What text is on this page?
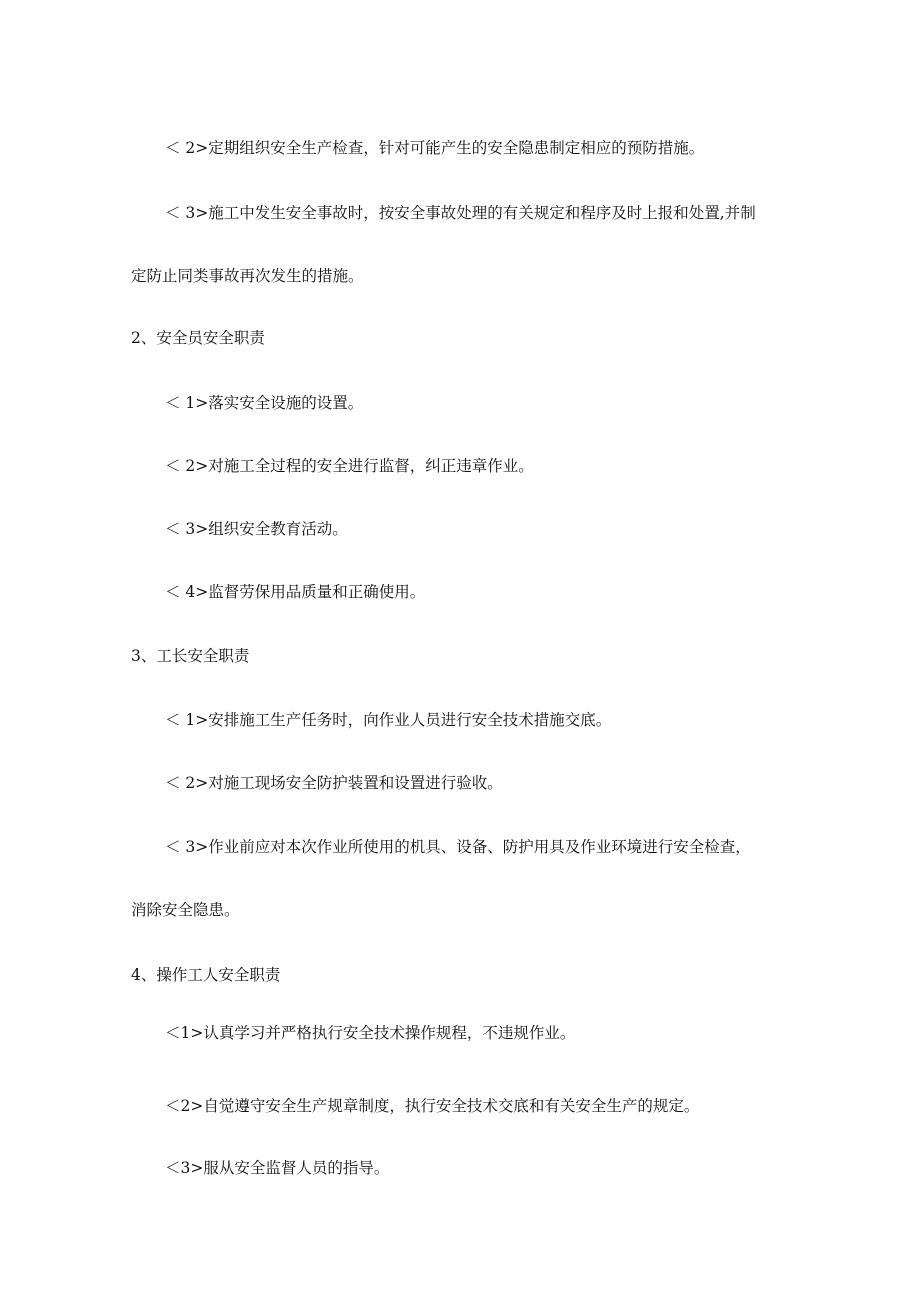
＜ 2>定期组织安全生产检查，针对可能产生的安全隐患制定相应的预防措施。
＜ 3>施工中发生安全事故时，按安全事故处理的有关规定和程序及时上报和处置,并制
定防止同类事故再次发生的措施。
2、安全员安全职责
＜ 1>落实安全设施的设置。
＜ 2>对施工全过程的安全进行监督，纠正违章作业。
＜ 3>组织安全教育活动。
＜ 4>监督劳保用品质量和正确使用。
3、工长安全职责
＜ 1>安排施工生产任务时，向作业人员进行安全技术措施交底。
＜ 2>对施工现场安全防护装置和设置进行验收。
＜ 3>作业前应对本次作业所使用的机具、设备、防护用具及作业环境进行安全检查，
消除安全隐患。
4、操作工人安全职责
＜1>认真学习并严格执行安全技术操作规程，不违规作业。
＜2>自觉遵守安全生产规章制度，执行安全技术交底和有关安全生产的规定。
＜3>服从安全监督人员的指导。
